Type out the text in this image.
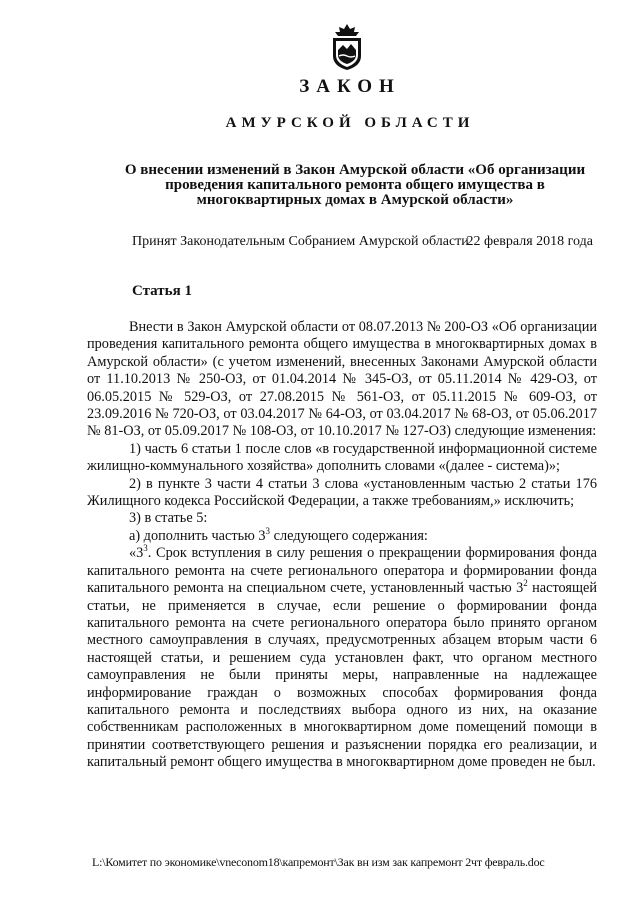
ЗАКОН
АМУРСКОЙ ОБЛАСТИ
О внесении изменений в Закон Амурской области «Об организации
проведения капитального ремонта общего имущества в
многоквартирных домах в Амурской области»
Принят Законодательным Собранием Амурской области
22 февраля 2018 года
Статья 1

Внести в Закон Амурской области от 08.07.2013 № 200-ОЗ «Об организации проведения капитального ремонта общего имущества в многоквартирных домах в Амурской области» (с учетом изменений, внесенных Законами Амурской области от 11.10.2013 № 250-ОЗ, от 01.04.2014 № 345-ОЗ, от 05.11.2014 № 429-ОЗ, от 06.05.2015 № 529-ОЗ, от 27.08.2015 № 561-ОЗ, от 05.11.2015 № 609-ОЗ, от 23.09.2016 № 720-ОЗ, от 03.04.2017 № 64-ОЗ, от 03.04.2017 № 68-ОЗ, от 05.06.2017 № 81-ОЗ, от 05.09.2017 № 108-ОЗ, от 10.10.2017 № 127-ОЗ) следующие изменения:

1) часть 6 статьи 1 после слов «в государственной информационной системе жилищно-коммунального хозяйства» дополнить словами «(далее - система)»;

2) в пункте 3 части 4 статьи 3 слова «установленным частью 2 статьи 176 Жилищного кодекса Российской Федерации, а также требованиям,» исключить;

3) в статье 5:

а) дополнить частью $3^3$ следующего содержания:

«$3^3$. Срок вступления в силу решения о прекращении формирования фонда капитального ремонта на счете регионального оператора и формировании фонда капитального ремонта на специальном счете, установленный частью $3^2$ настоящей статьи, не применяется в случае, если решение о формировании фонда капитального ремонта на счете регионального оператора было принято органом местного самоуправления в случаях, предусмотренных абзацем вторым части 6 настоящей статьи, и решением суда установлен факт, что органом местного самоуправления не были приняты меры, направленные на надлежащее информирование граждан о возможных способах формирования фонда капитального ремонта и последствиях выбора одного из них, на оказание собственникам расположенных в многоквартирном доме помещений помощи в принятии соответствующего решения и разъяснении порядка его реализации, и капитальный ремонт общего имущества в многоквартирном доме проведен не был.

L:\Комитет по экономике\vneconom18\капремонт\Зак вн изм зак капремонт 2чт февраль.doc
